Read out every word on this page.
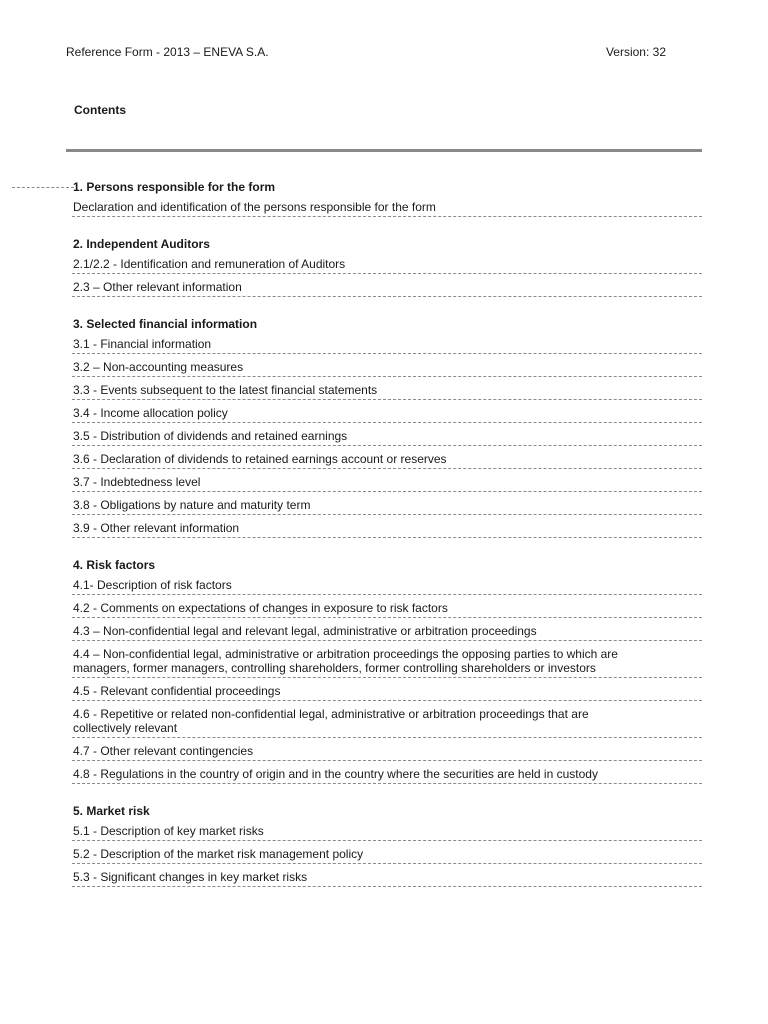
Reference Form - 2013 – ENEVA S.A.	Version: 32
Contents
1. Persons responsible for the form
Declaration and identification of the persons responsible for the form
2. Independent Auditors
2.1/2.2 - Identification and remuneration of Auditors
2.3 – Other relevant information
3. Selected financial information
3.1 - Financial information
3.2 – Non-accounting measures
3.3 - Events subsequent to the latest financial statements
3.4 - Income allocation policy
3.5 - Distribution of dividends and retained earnings
3.6 - Declaration of dividends to retained earnings account or reserves
3.7 - Indebtedness level
3.8 - Obligations by nature and maturity term
3.9 - Other relevant information
4. Risk factors
4.1- Description of risk factors
4.2 - Comments on expectations of changes in exposure to risk factors
4.3 – Non-confidential legal and relevant legal, administrative or arbitration proceedings
4.4 – Non-confidential legal, administrative or arbitration proceedings the opposing parties to which are managers, former managers, controlling shareholders, former controlling shareholders or investors
4.5 - Relevant confidential proceedings
4.6 - Repetitive or related non-confidential legal, administrative or arbitration proceedings that are collectively relevant
4.7 - Other relevant contingencies
4.8 - Regulations in the country of origin and in the country where the securities are held in custody
5. Market risk
5.1 - Description of key market risks
5.2 - Description of the market risk management policy
5.3 - Significant changes in key market risks
